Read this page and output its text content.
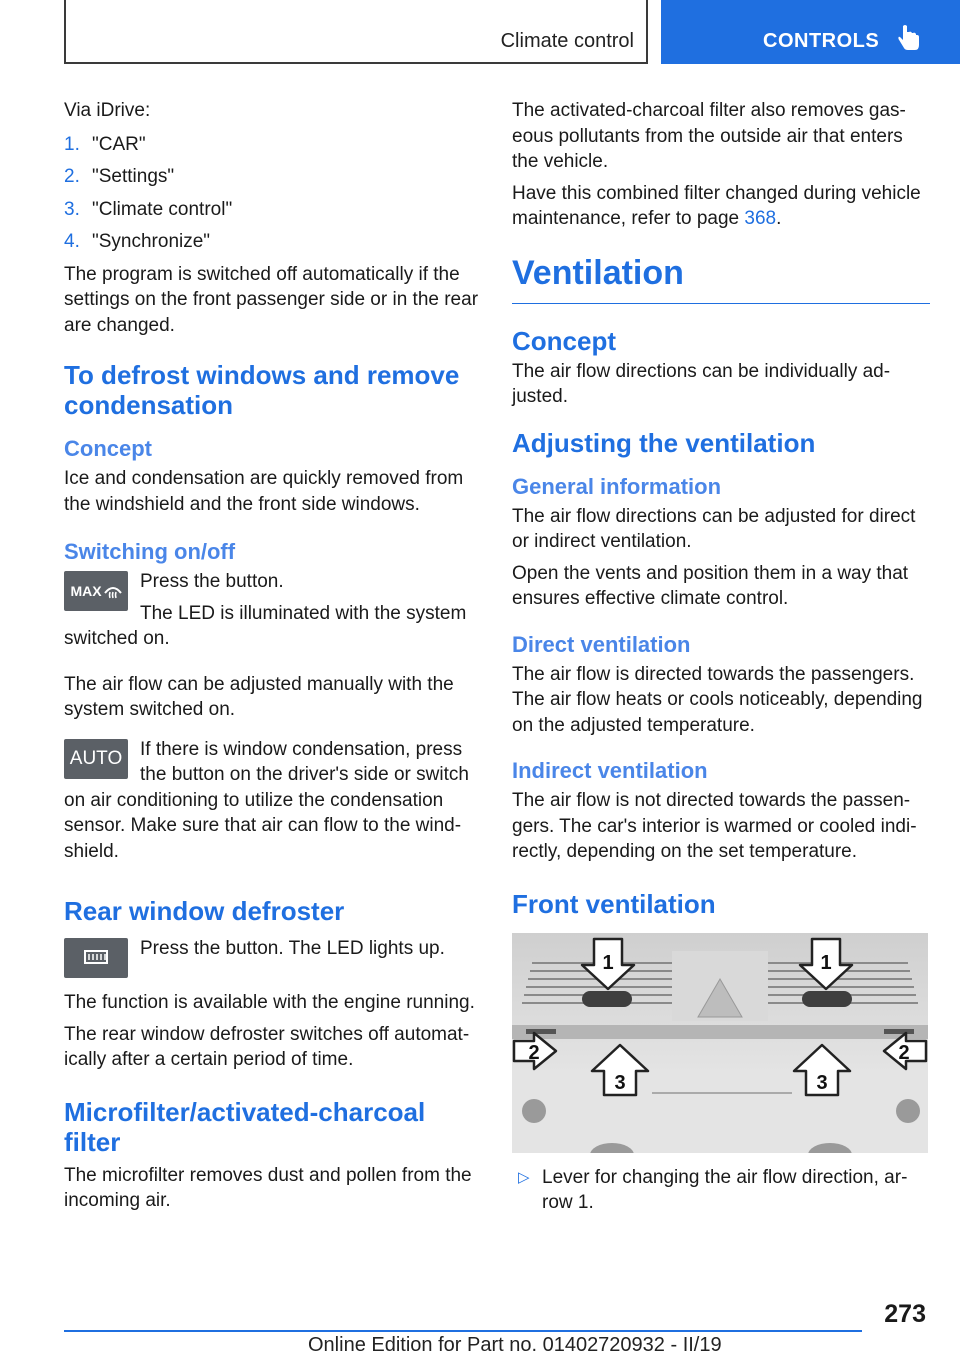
Climate control	CONTROLS

Via iDrive:

1. "CAR"
2. "Settings"
3. "Climate control"
4. "Synchronize"

The program is switched off automatically if the settings on the front passenger side or in the rear are changed.

To defrost windows and remove condensation
Concept

Ice and condensation are quickly removed from the windshield and the front side windows.

Switching on/off
MAX	Press the button.

The LED is illuminated with the system switched on.

The air flow can be adjusted manually with the system switched on.

AUTO If there is window condensation, press the button on the driver's side or switch on air conditioning to utilize the condensation sensor. Make sure that air can flow to the wind‐shield.

Rear window defroster

Press the button. The LED lights up.

The function is available with the engine running.

The rear window defroster switches off automat‐ically after a certain period of time.

Microfilter/activated-charcoal filter

The microfilter removes dust and pollen from the incoming air.

The activated-charcoal filter also removes gas‐eous pollutants from the outside air that enters the vehicle.

Have this combined filter changed during vehicle maintenance, refer to page 368.

Ventilation
Concept

The air flow directions can be individually ad‐justed.

Adjusting the ventilation
General information

The air flow directions can be adjusted for direct or indirect ventilation.

Open the vents and position them in a way that ensures effective climate control.

Direct ventilation

The air flow is directed towards the passengers. The air flow heats or cools noticeably, depending on the adjusted temperature.

Indirect ventilation

The air flow is not directed towards the passen‐gers. The car's interior is warmed or cooled indi‐rectly, depending on the set temperature.

Front ventilation
1	1
2
3	3
2
▷ Lever for changing the air flow direction, ar‐row 1.
273
Online Edition for Part no. 01402720932 - II/19
